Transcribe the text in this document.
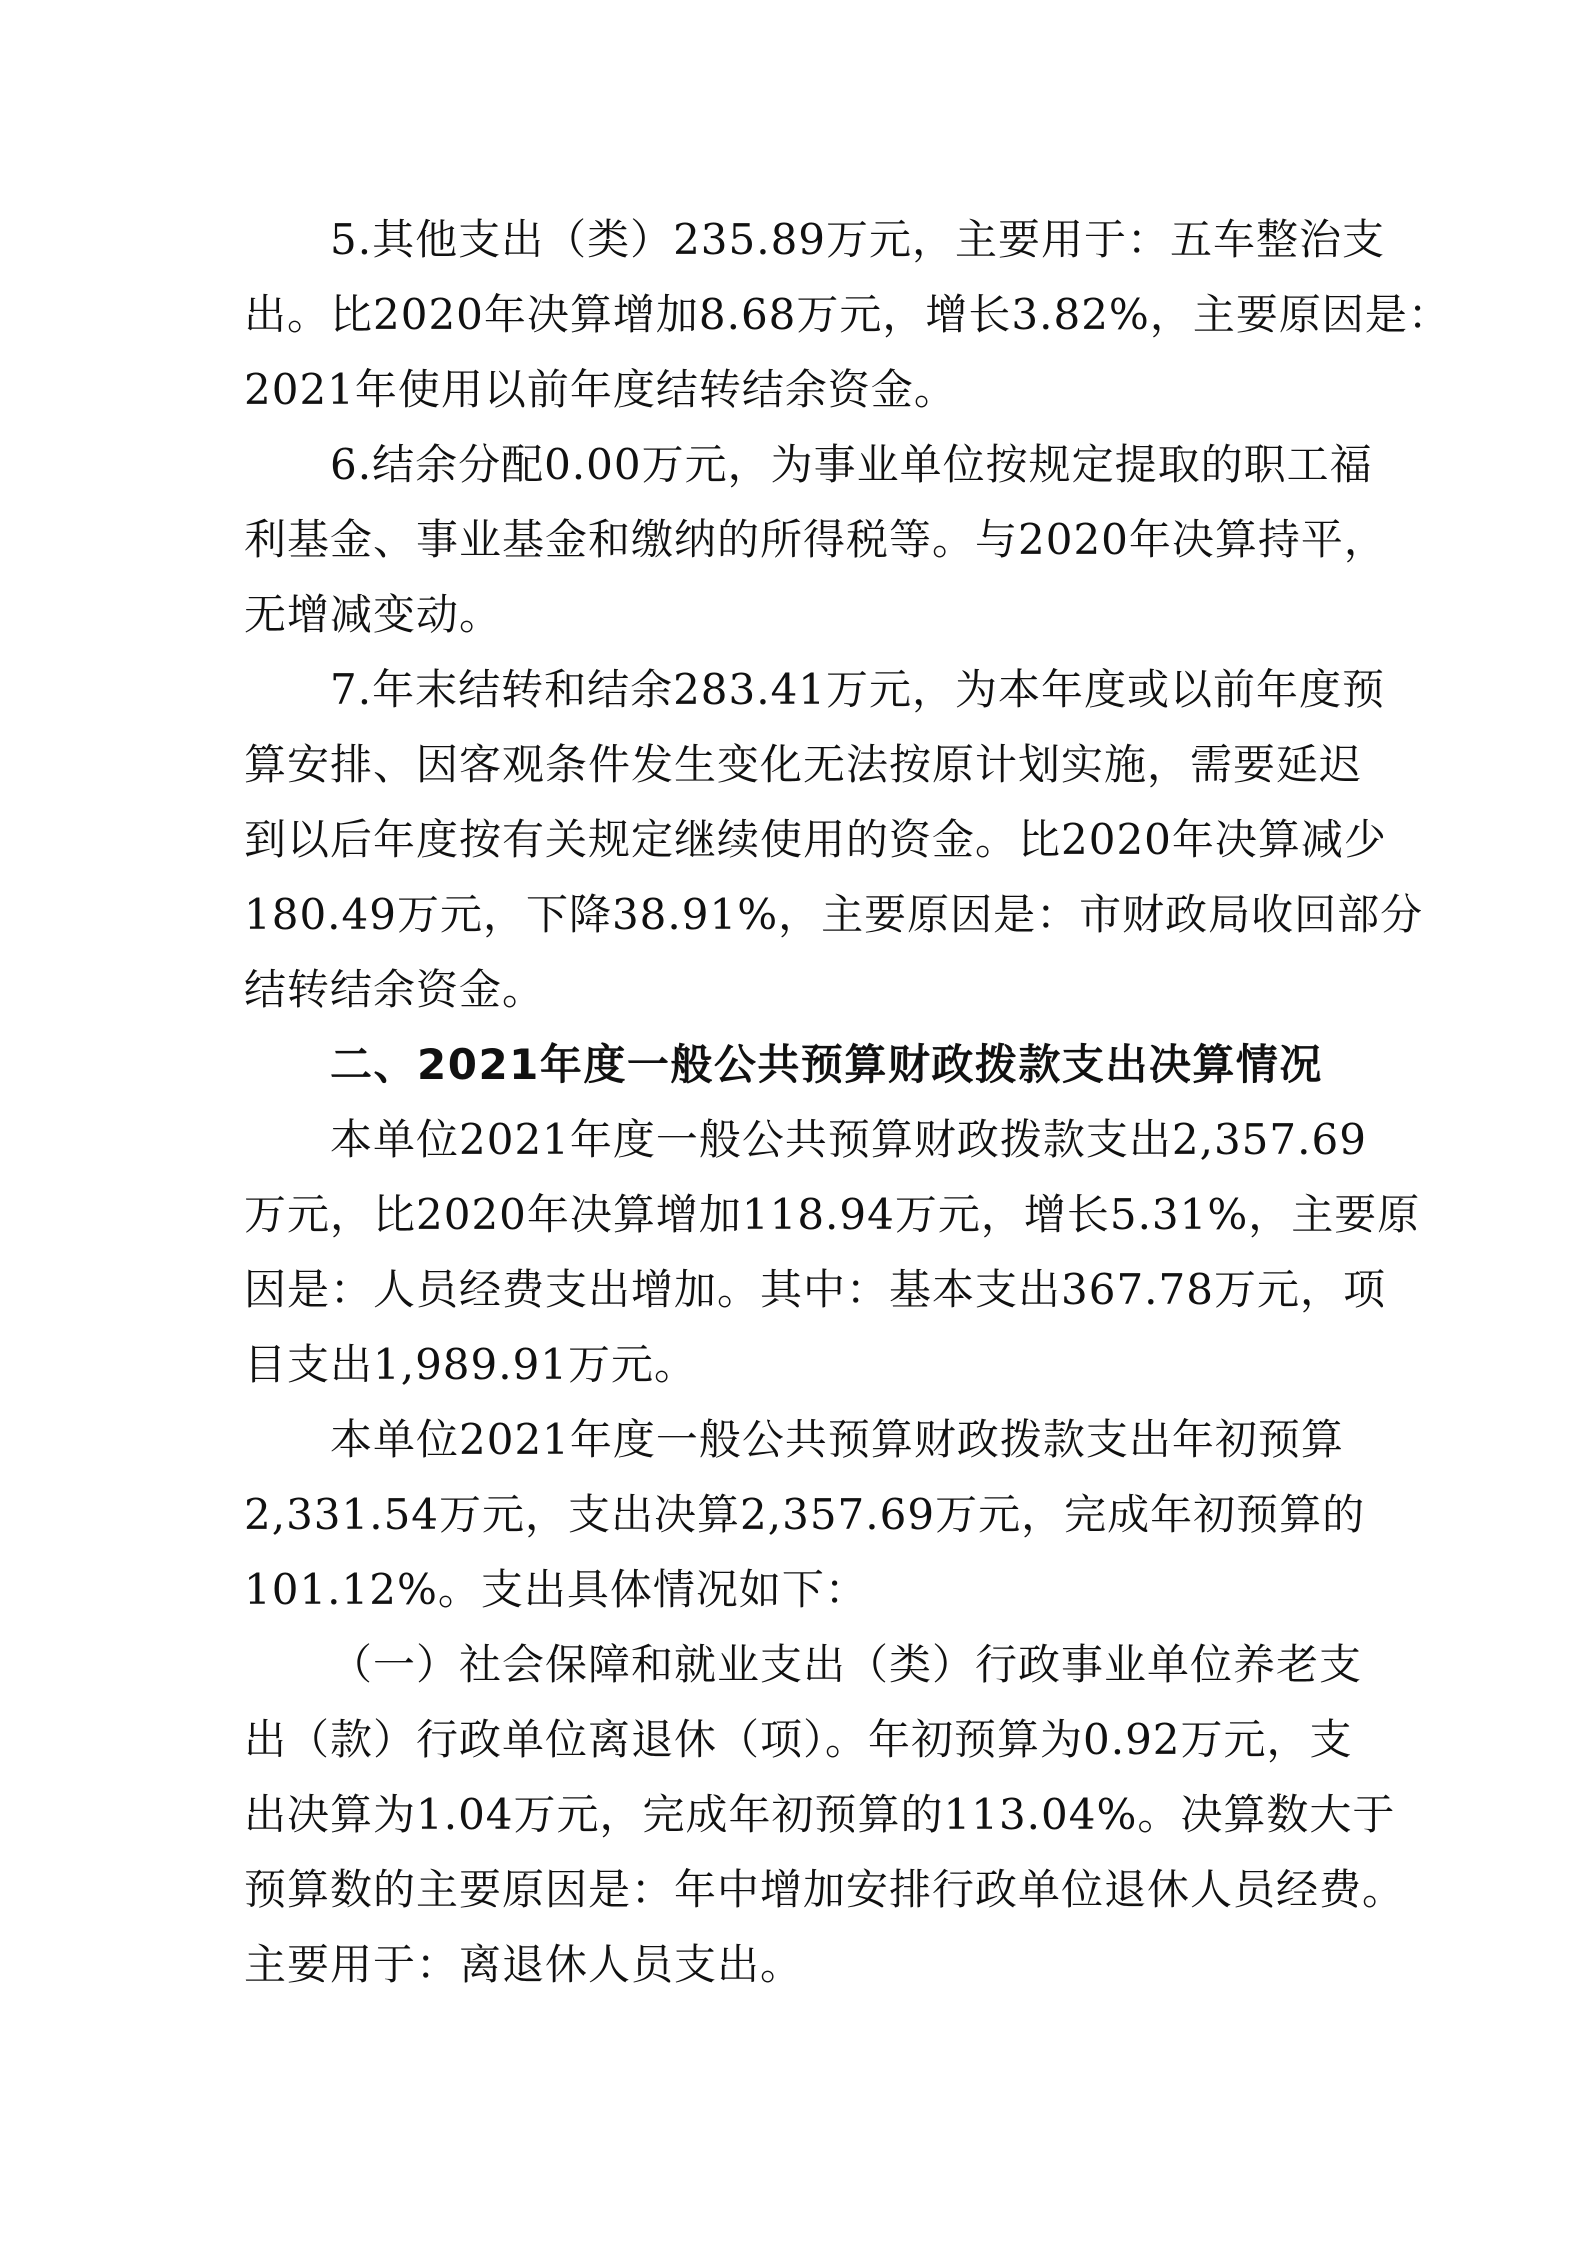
5.其他支出（类）235.89万元，主要用于：五车整治支
出。比2020年决算增加8.68万元，增长3.82%，主要原因是：
2021年使用以前年度结转结余资金。
6.结余分配0.00万元，为事业单位按规定提取的职工福
利基金、事业基金和缴纳的所得税等。与2020年决算持平，
无增减变动。
7.年末结转和结余283.41万元，为本年度或以前年度预
算安排、因客观条件发生变化无法按原计划实施，需要延迟
到以后年度按有关规定继续使用的资金。比2020年决算减少
180.49万元，下降38.91%，主要原因是：市财政局收回部分
结转结余资金。
二、2021年度一般公共预算财政拨款支出决算情况
本单位2021年度一般公共预算财政拨款支出2,357.69
万元，比2020年决算增加118.94万元，增长5.31%，主要原
因是：人员经费支出增加。其中：基本支出367.78万元，项
目支出1,989.91万元。
本单位2021年度一般公共预算财政拨款支出年初预算
2,331.54万元，支出决算2,357.69万元，完成年初预算的
101.12%。支出具体情况如下：
（一）社会保障和就业支出（类）行政事业单位养老支
出（款）行政单位离退休（项）。年初预算为0.92万元，支
出决算为1.04万元，完成年初预算的113.04%。决算数大于
预算数的主要原因是：年中增加安排行政单位退休人员经费。
主要用于：离退休人员支出。
